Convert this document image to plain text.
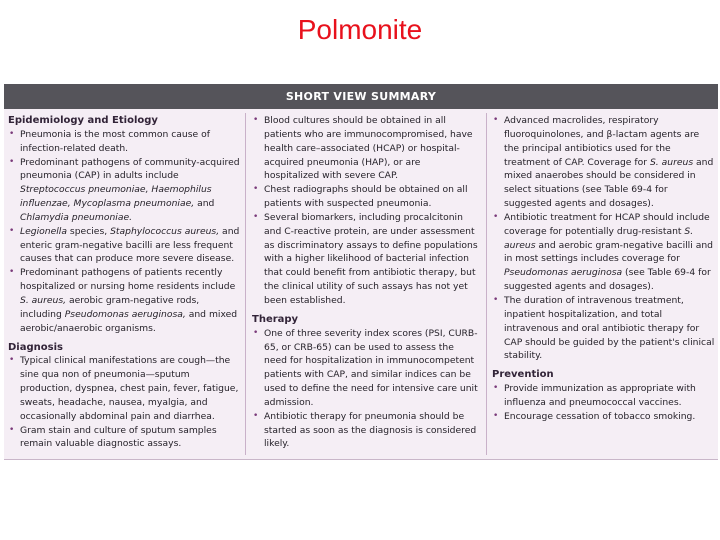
Polmonite
SHORT VIEW SUMMARY
Epidemiology and Etiology
• Pneumonia is the most common cause of infection-related death.
• Predominant pathogens of community-acquired pneumonia (CAP) in adults include Streptococcus pneumoniae, Haemophilus influenzae, Mycoplasma pneumoniae, and Chlamydia pneumoniae.
• Legionella species, Staphylococcus aureus, and enteric gram-negative bacilli are less frequent causes that can produce more severe disease.
• Predominant pathogens of patients recently hospitalized or nursing home residents include S. aureus, aerobic gram-negative rods, including Pseudomonas aeruginosa, and mixed aerobic/anaerobic organisms.
Diagnosis
• Typical clinical manifestations are cough—the sine qua non of pneumonia—sputum production, dyspnea, chest pain, fever, fatigue, sweats, headache, nausea, myalgia, and occasionally abdominal pain and diarrhea.
• Gram stain and culture of sputum samples remain valuable diagnostic assays.
• Blood cultures should be obtained in all patients who are immunocompromised, have health care–associated (HCAP) or hospital-acquired pneumonia (HAP), or are hospitalized with severe CAP.
• Chest radiographs should be obtained on all patients with suspected pneumonia.
• Several biomarkers, including procalcitonin and C-reactive protein, are under assessment as discriminatory assays to define populations with a higher likelihood of bacterial infection that could benefit from antibiotic therapy, but the clinical utility of such assays has not yet been established.
Therapy
• One of three severity index scores (PSI, CURB-65, or CRB-65) can be used to assess the need for hospitalization in immunocompetent patients with CAP, and similar indices can be used to define the need for intensive care unit admission.
• Antibiotic therapy for pneumonia should be started as soon as the diagnosis is considered likely.
• Advanced macrolides, respiratory fluoroquinolones, and β-lactam agents are the principal antibiotics used for the treatment of CAP. Coverage for S. aureus and mixed anaerobes should be considered in select situations (see Table 69-4 for suggested agents and dosages).
• Antibiotic treatment for HCAP should include coverage for potentially drug-resistant S. aureus and aerobic gram-negative bacilli and in most settings includes coverage for Pseudomonas aeruginosa (see Table 69-4 for suggested agents and dosages).
• The duration of intravenous treatment, inpatient hospitalization, and total intravenous and oral antibiotic therapy for CAP should be guided by the patient's clinical stability.
Prevention
• Provide immunization as appropriate with influenza and pneumococcal vaccines.
• Encourage cessation of tobacco smoking.
